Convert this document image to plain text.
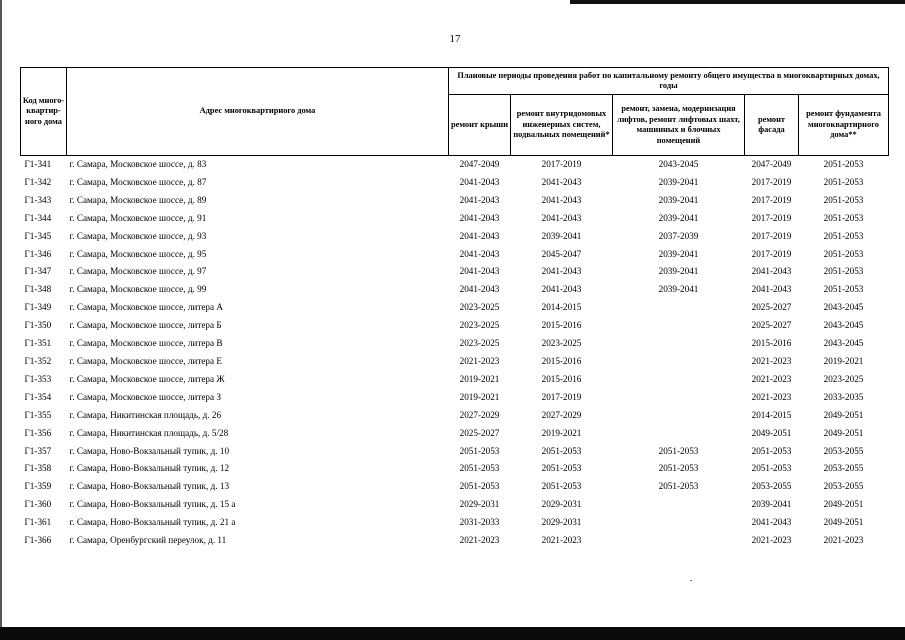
17
Код много-квартир-ного дома	Адрес многоквартирного дома	Плановые периоды проведения работ по капитальному ремонту общего имущества в многоквартирных домах, годы				
		ремонт крыши	ремонт внутридомовых инженерных систем, подвальных помещений*	ремонт, замена, модернизация лифтов, ремонт лифтовых шахт, машинных и блочных помещений	ремонт фасада	ремонт фундамента многоквартирного дома**
Г1-341	г. Самара, Московское шоссе, д. 83	2047-2049	2017-2019	2043-2045	2047-2049	2051-2053
Г1-342	г. Самара, Московское шоссе, д. 87	2041-2043	2041-2043	2039-2041	2017-2019	2051-2053
Г1-343	г. Самара, Московское шоссе, д. 89	2041-2043	2041-2043	2039-2041	2017-2019	2051-2053
Г1-344	г. Самара, Московское шоссе, д. 91	2041-2043	2041-2043	2039-2041	2017-2019	2051-2053
Г1-345	г. Самара, Московское шоссе, д. 93	2041-2043	2039-2041	2037-2039	2017-2019	2051-2053
Г1-346	г. Самара, Московское шоссе, д. 95	2041-2043	2045-2047	2039-2041	2017-2019	2051-2053
Г1-347	г. Самара, Московское шоссе, д. 97	2041-2043	2041-2043	2039-2041	2041-2043	2051-2053
Г1-348	г. Самара, Московское шоссе, д. 99	2041-2043	2041-2043	2039-2041	2041-2043	2051-2053
Г1-349	г. Самара, Московское шоссе, литера А	2023-2025	2014-2015		2025-2027	2043-2045
Г1-350	г. Самара, Московское шоссе, литера Б	2023-2025	2015-2016		2025-2027	2043-2045
Г1-351	г. Самара, Московское шоссе, литера В	2023-2025	2023-2025		2015-2016	2043-2045
Г1-352	г. Самара, Московское шоссе, литера Е	2021-2023	2015-2016		2021-2023	2019-2021
Г1-353	г. Самара, Московское шоссе, литера Ж	2019-2021	2015-2016		2021-2023	2023-2025
Г1-354	г. Самара, Московское шоссе, литера З	2019-2021	2017-2019		2021-2023	2033-2035
Г1-355	г. Самара, Никитинская площадь, д. 26	2027-2029	2027-2029		2014-2015	2049-2051
Г1-356	г. Самара, Никитинская площадь, д. 5/28	2025-2027	2019-2021		2049-2051	2049-2051
Г1-357	г. Самара, Ново-Вокзальный тупик, д. 10	2051-2053	2051-2053	2051-2053	2051-2053	2053-2055
Г1-358	г. Самара, Ново-Вокзальный тупик, д. 12	2051-2053	2051-2053	2051-2053	2051-2053	2053-2055
Г1-359	г. Самара, Ново-Вокзальный тупик, д. 13	2051-2053	2051-2053	2051-2053	2053-2055	2053-2055
Г1-360	г. Самара, Ново-Вокзальный тупик, д. 15 а	2029-2031	2029-2031		2039-2041	2049-2051
Г1-361	г. Самара, Ново-Вокзальный тупик, д. 21 а	2031-2033	2029-2031		2041-2043	2049-2051
Г1-366	г. Самара, Оренбургский переулок, д. 11	2021-2023	2021-2023		2021-2023	2021-2023
